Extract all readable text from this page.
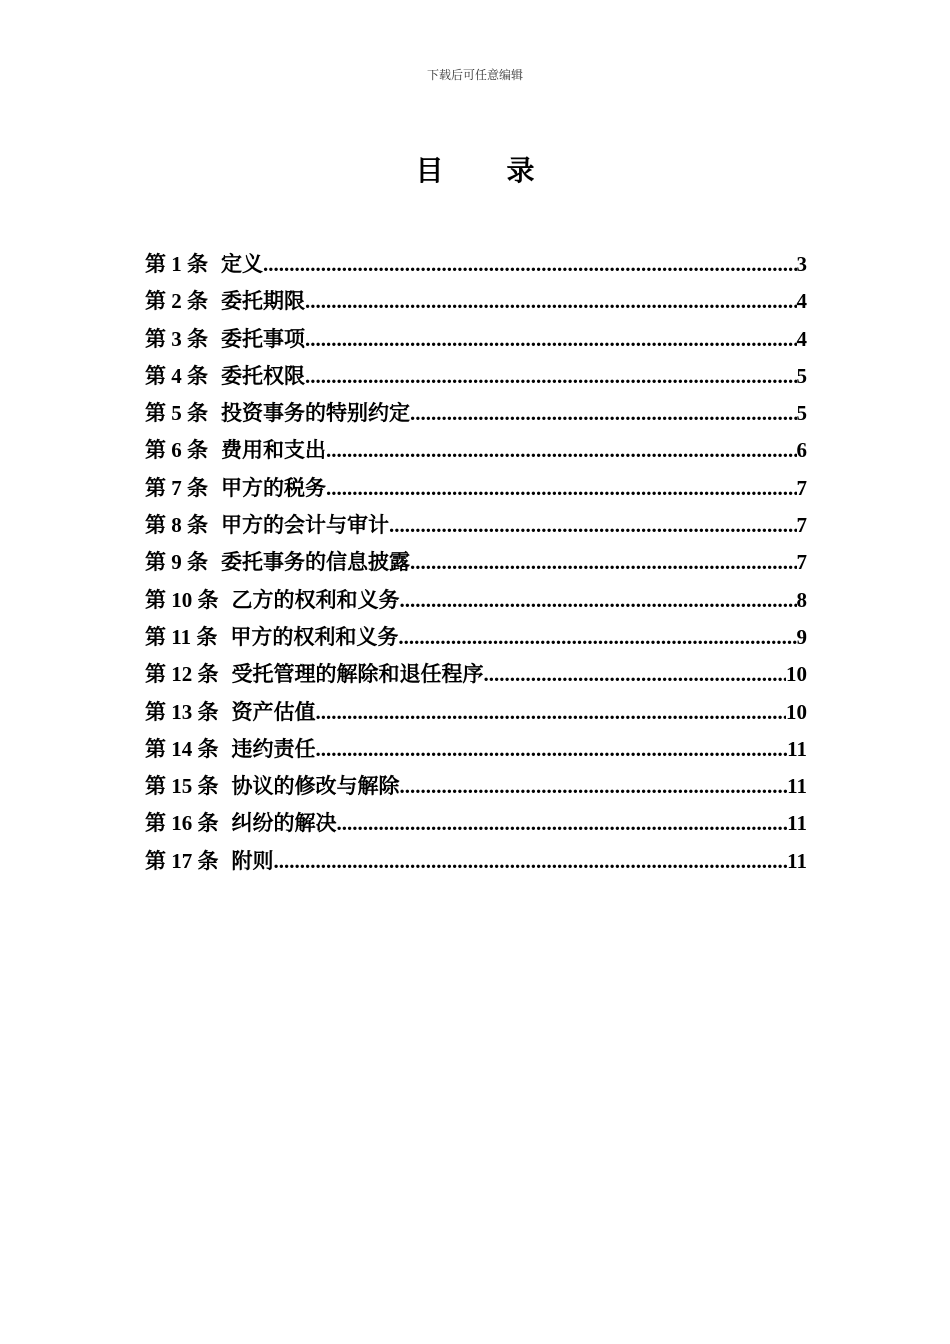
下载后可任意编辑
目 录
第 1 条 定义 .....	3
第 2 条 委托期限 .....	4
第 3 条 委托事项 .....	4
第 4 条 委托权限 .....	5
第 5 条 投资事务的特别约定 .....	5
第 6 条 费用和支出 .....	6
第 7 条 甲方的税务 .....	7
第 8 条 甲方的会计与审计 .....	7
第 9 条 委托事务的信息披露 .....	7
第 10 条 乙方的权利和义务 .....	8
第 11 条 甲方的权利和义务 .....	9
第 12 条 受托管理的解除和退任程序 .....	10
第 13 条 资产估值 .....	10
第 14 条 违约责任 .....	11
第 15 条 协议的修改与解除 .....	11
第 16 条 纠纷的解决 .....	11
第 17 条 附则 .....	11
